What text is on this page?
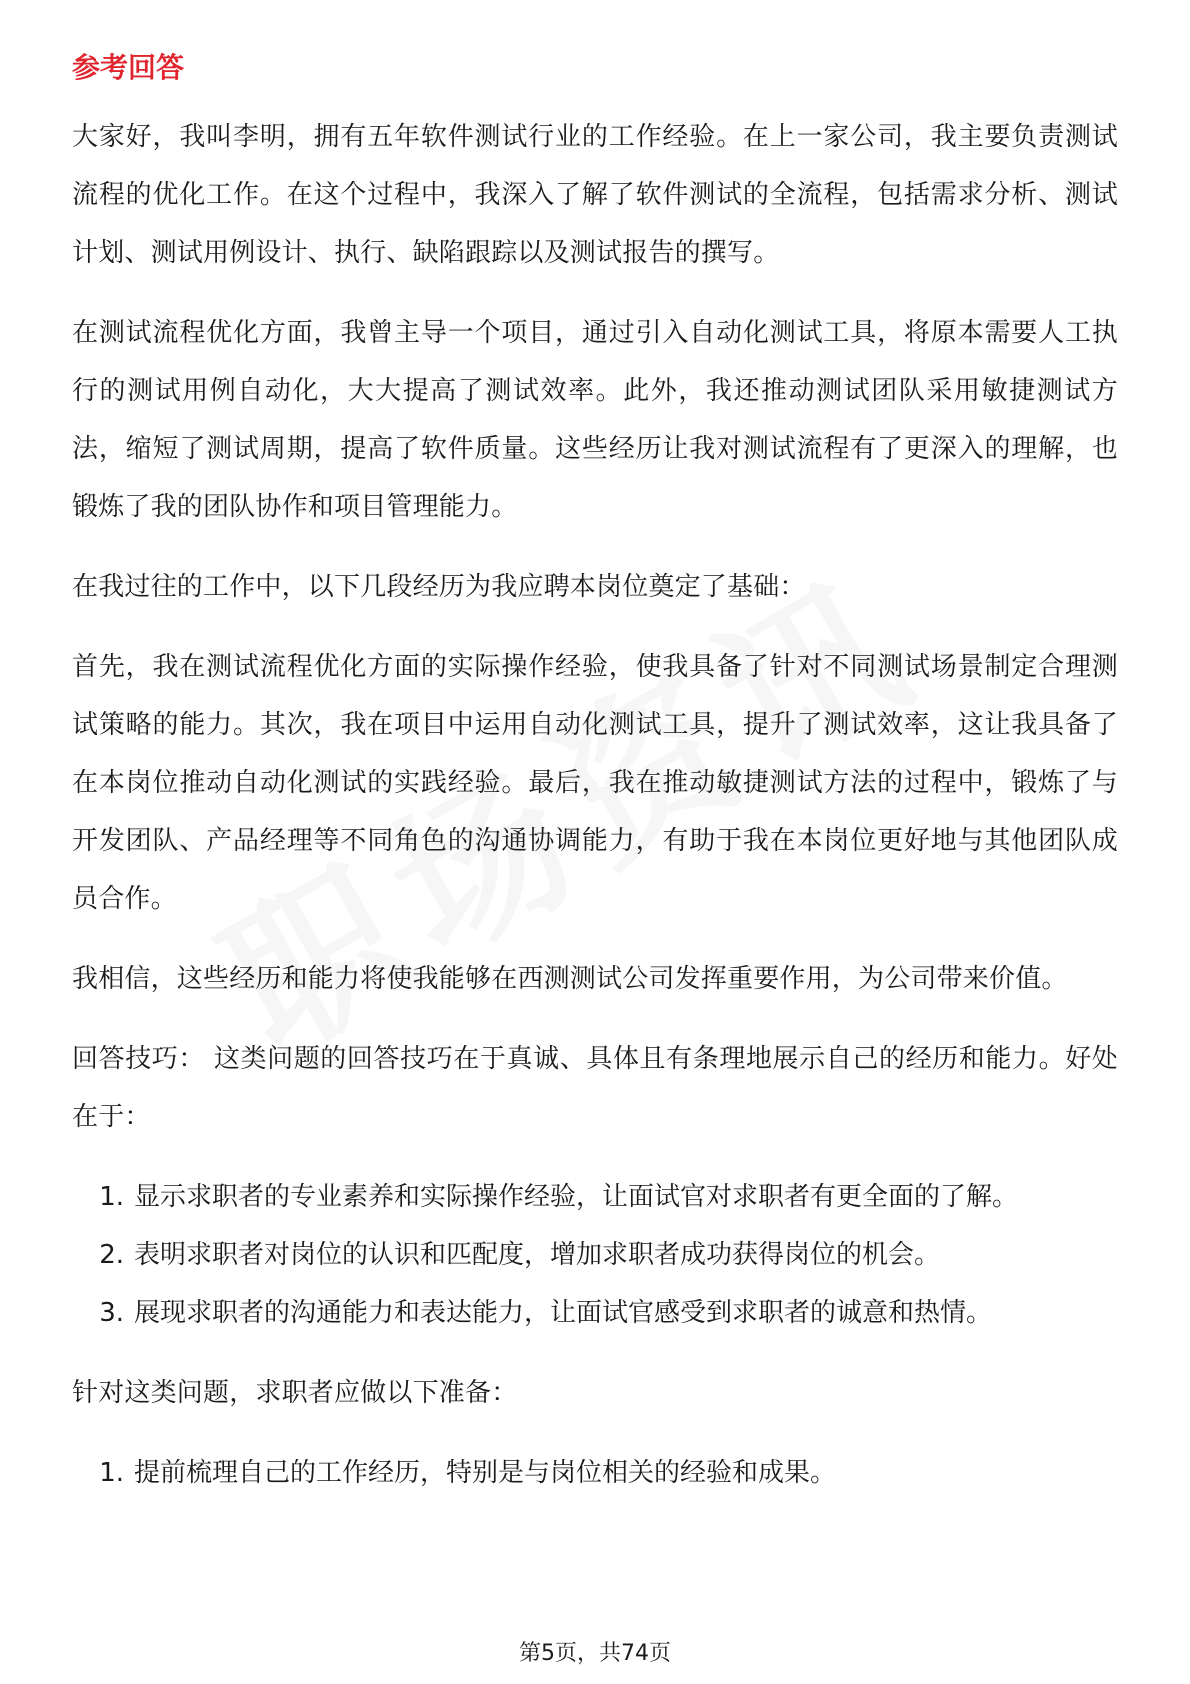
参考回答

大家好，我叫李明，拥有五年软件测试行业的工作经验。在上一家公司，我主要负责测试流程的优化工作。在这个过程中，我深入了解了软件测试的全流程，包括需求分析、测试计划、测试用例设计、执行、缺陷跟踪以及测试报告的撰写。

在测试流程优化方面，我曾主导一个项目，通过引入自动化测试工具，将原本需要人工执行的测试用例自动化，大大提高了测试效率。此外，我还推动测试团队采用敏捷测试方法，缩短了测试周期，提高了软件质量。这些经历让我对测试流程有了更深入的理解，也锻炼了我的团队协作和项目管理能力。

在我过往的工作中，以下几段经历为我应聘本岗位奠定了基础：

首先，我在测试流程优化方面的实际操作经验，使我具备了针对不同测试场景制定合理测试策略的能力。其次，我在项目中运用自动化测试工具，提升了测试效率，这让我具备了在本岗位推动自动化测试的实践经验。最后，我在推动敏捷测试方法的过程中，锻炼了与开发团队、产品经理等不同角色的沟通协调能力，有助于我在本岗位更好地与其他团队成员合作。

我相信，这些经历和能力将使我能够在西测测试公司发挥重要作用，为公司带来价值。

回答技巧： 这类问题的回答技巧在于真诚、具体且有条理地展示自己的经历和能力。好处在于：

1. 显示求职者的专业素养和实际操作经验，让面试官对求职者有更全面的了解。
2. 表明求职者对岗位的认识和匹配度，增加求职者成功获得岗位的机会。
3. 展现求职者的沟通能力和表达能力，让面试官感受到求职者的诚意和热情。

针对这类问题，求职者应做以下准备：

1. 提前梳理自己的工作经历，特别是与岗位相关的经验和成果。
第5页，共74页
